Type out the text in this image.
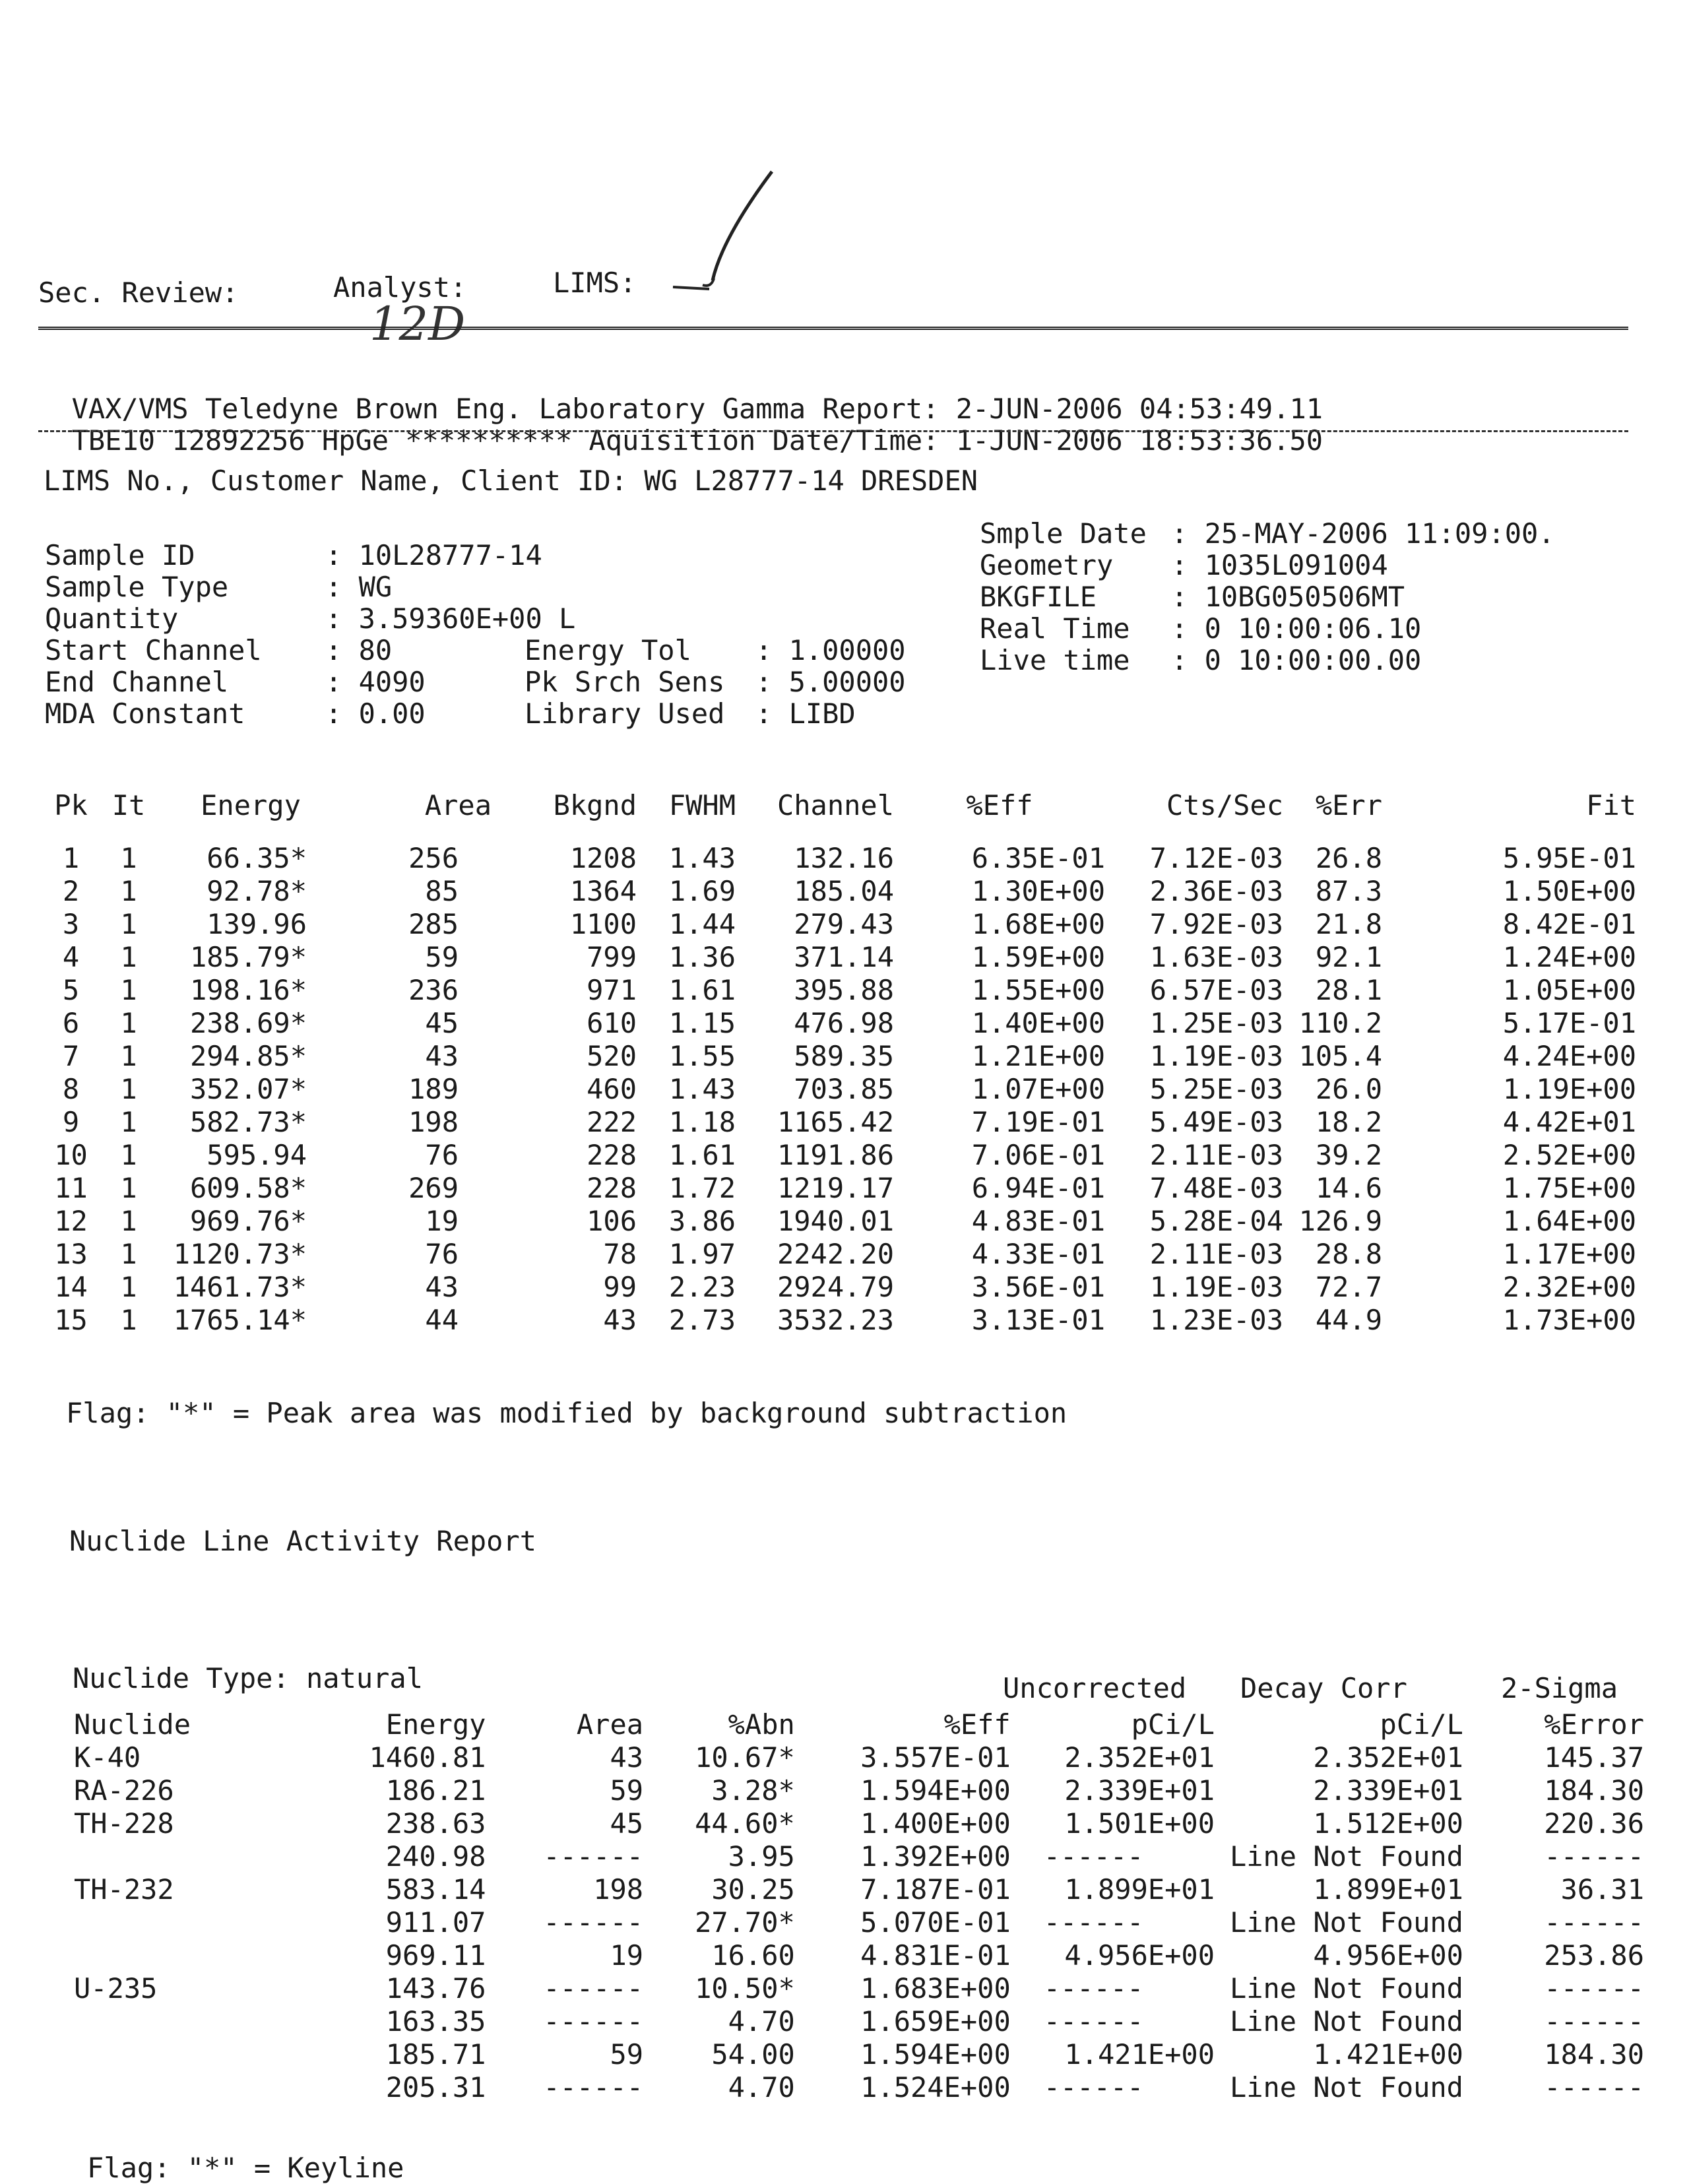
Sec. Review:	Analyst:
12D
LIMS:

VAX/VMS Teledyne Brown Eng. Laboratory Gamma Report: 2-JUN-2006 04:53:49.11

TBE10 12892256 HpGe ********** Aquisition Date/Time: 1-JUN-2006 18:53:36.50

LIMS No., Customer Name, Client ID: WG L28777-14 DRESDEN
Sample ID	: 10L28777-14
Sample Type	: WG
Quantity	: 3.59360E+00 L
Start Channel : 80
End Channel	: 4090
MDA Constant	: 0.00
Energy Tol : 1.00000
Pk Srch Sens : 5.00000
Library Used : LIBD
Smple Date : 25-MAY-2006 11:09:00.
Geometry : 1035L091004
BKGFILE	: 10BG050506MT
Real Time : 0 10:00:06.10
Live time : 0 10:00:00.00
Pk	It	Energy	Area	Bkgnd	FWHM	Channel	%Eff	Cts/Sec	%Err	Fit

1	1	66.35*	256	1208	1.43	132.16	6.35E-01	7.12E-03	26.8	5.95E-01
2	1	92.78*	85	1364	1.69	185.04	1.30E+00	2.36E-03	87.3	1.50E+00
3	1	139.96	285	1100	1.44	279.43	1.68E+00	7.92E-03	21.8	8.42E-01
4	1	185.79*	59	799	1.36	371.14	1.59E+00	1.63E-03	92.1	1.24E+00
5	1	198.16*	236	971	1.61	395.88	1.55E+00	6.57E-03	28.1	1.05E+00
6	1	238.69*	45	610	1.15	476.98	1.40E+00	1.25E-03	110.2	5.17E-01
7	1	294.85*	43	520	1.55	589.35	1.21E+00	1.19E-03	105.4	4.24E+00
8	1	352.07*	189	460	1.43	703.85	1.07E+00	5.25E-03	26.0	1.19E+00
9	1	582.73*	198	222	1.18	1165.42	7.19E-01	5.49E-03	18.2	4.42E+01
10	1	595.94	76	228	1.61	1191.86	7.06E-01	2.11E-03	39.2	2.52E+00
11	1	609.58*	269	228	1.72	1219.17	6.94E-01	7.48E-03	14.6	1.75E+00
12	1	969.76*	19	106	3.86	1940.01	4.83E-01	5.28E-04	126.9	1.64E+00
13	1	1120.73*	76	78	1.97	2242.20	4.33E-01	2.11E-03	28.8	1.17E+00
14	1	1461.73*	43	99	2.23	2924.79	3.56E-01	1.19E-03	72.7	2.32E+00
15	1	1765.14*	44	43	2.73	3532.23	3.13E-01	1.23E-03	44.9	1.73E+00
Flag: "*" = Peak area was modified by background subtraction
Nuclide Line Activity Report
Nuclide Type: natural	Uncorrected Decay Corr	2-Sigma
Nuclide	Energy	Area	%Abn	%Eff	pCi/L	pCi/L	%Error
K-40	1460.81	43	10.67*	3.557E-01	2.352E+01	2.352E+01	145.37
RA-226	186.21	59	3.28*	1.594E+00	2.339E+01	2.339E+01	184.30
TH-228	238.63	45	44.60*	1.400E+00	1.501E+00	1.512E+00	220.36
	240.98	------	3.95	1.392E+00	------	Line Not Found	------
TH-232	583.14	198	30.25	7.187E-01	1.899E+01	1.899E+01	36.31
	911.07	------	27.70*	5.070E-01	------	Line Not Found	------
	969.11	19	16.60	4.831E-01	4.956E+00	4.956E+00	253.86
U-235	143.76	------	10.50*	1.683E+00	------	Line Not Found	------
	163.35	------	4.70	1.659E+00	------	Line Not Found	------
	185.71	59	54.00	1.594E+00	1.421E+00	1.421E+00	184.30
	205.31	------	4.70	1.524E+00	------	Line Not Found	------
Flag: "*" = Keyline
